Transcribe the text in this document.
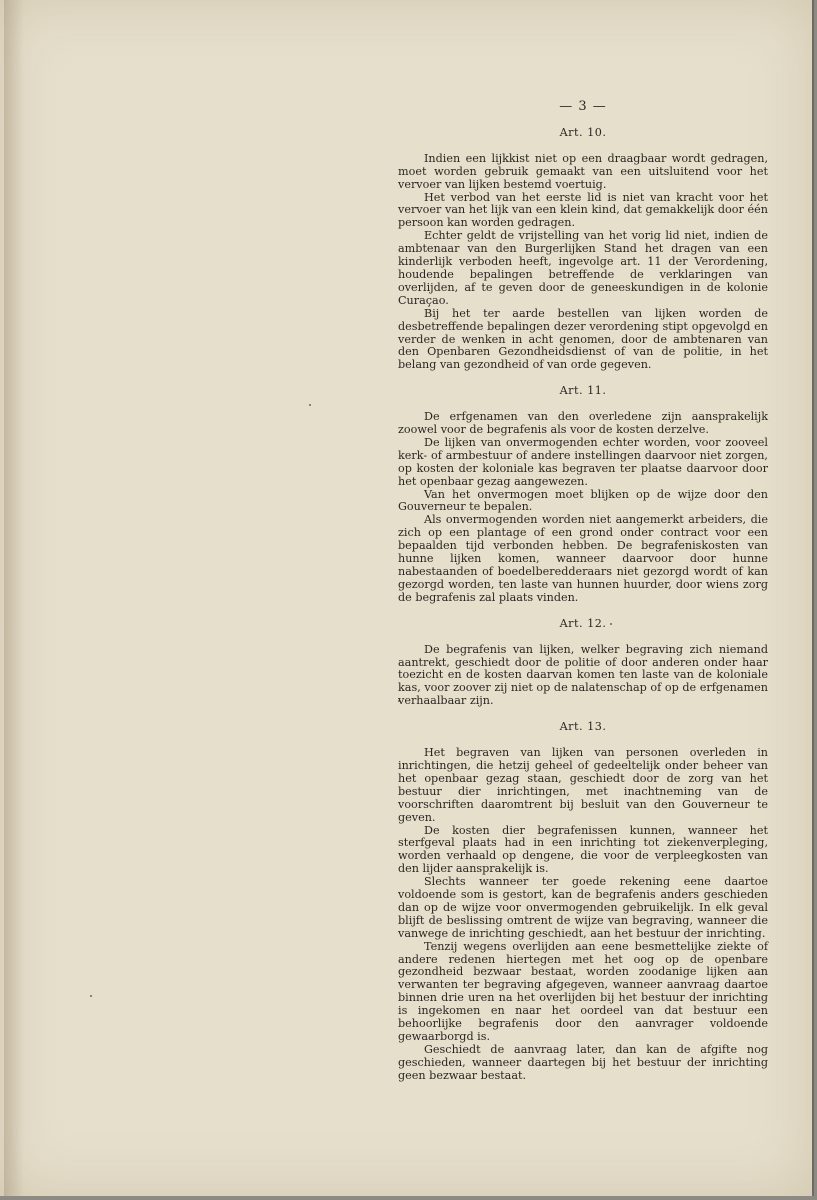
— 3 —
Art. 10.

Indien een lijkkist niet op een draagbaar wordt gedragen, moet worden gebruik gemaakt van een uitsluitend voor het vervoer van lijken bestemd voertuig.

Het verbod van het eerste lid is niet van kracht voor het vervoer van het lijk van een klein kind, dat gemakkelijk door één persoon kan worden gedragen.

Echter geldt de vrijstelling van het vorig lid niet, indien de ambtenaar van den Burgerlijken Stand het dragen van een kinderlijk verboden heeft, ingevolge art. 11 der Verordening, houdende bepalingen betreffende de verklaringen van overlijden, af te geven door de geneeskundigen in de kolonie Curaçao.

Bij het ter aarde bestellen van lijken worden de desbetreffende bepalingen dezer verordening stipt opgevolgd en verder de wenken in acht genomen, door de ambtenaren van den Openbaren Gezondheidsdienst of van de politie, in het belang van gezondheid of van orde gegeven.

Art. 11.

De erfgenamen van den overledene zijn aansprakelijk zoowel voor de begrafenis als voor de kosten derzelve.

De lijken van onvermogenden echter worden, voor zooveel kerk- of armbestuur of andere instellingen daarvoor niet zorgen, op kosten der koloniale kas begraven ter plaatse daarvoor door het openbaar gezag aangewezen.

Van het onvermogen moet blijken op de wijze door den Gouverneur te bepalen.

Als onvermogenden worden niet aangemerkt arbeiders, die zich op een plantage of een grond onder contract voor een bepaalden tijd verbonden hebben. De begrafeniskosten van hunne lijken komen, wanneer daarvoor door hunne nabestaanden of boedelberedderaars niet gezorgd wordt of kan gezorgd worden, ten laste van hunnen huurder, door wiens zorg de begrafenis zal plaats vinden.

Art. 12.

De begrafenis van lijken, welker begraving zich niemand aantrekt, geschiedt door de politie of door anderen onder haar toezicht en de kosten daarvan komen ten laste van de koloniale kas, voor zoover zij niet op de nalatenschap of op de erfgenamen verhaalbaar zijn.

Art. 13.

Het begraven van lijken van personen overleden in inrichtingen, die hetzij geheel of gedeeltelijk onder beheer van het openbaar gezag staan, geschiedt door de zorg van het bestuur dier inrichtingen, met inachtneming van de voorschriften daaromtrent bij besluit van den Gouverneur te geven.

De kosten dier begrafenissen kunnen, wanneer het sterfgeval plaats had in een inrichting tot ziekenverpleging, worden verhaald op dengene, die voor de verpleegkosten van den lijder aansprakelijk is.

Slechts wanneer ter goede rekening eene daartoe voldoende som is gestort, kan de begrafenis anders geschieden dan op de wijze voor onvermogenden gebruikelijk. In elk geval blijft de beslissing omtrent de wijze van begraving, wanneer die vanwege de inrichting geschiedt, aan het bestuur der inrichting.

Tenzij wegens overlijden aan eene besmettelijke ziekte of andere redenen hiertegen met het oog op de openbare gezondheid bezwaar bestaat, worden zoodanige lijken aan verwanten ter begraving afgegeven, wanneer aanvraag daartoe binnen drie uren na het overlijden bij het bestuur der inrichting is ingekomen en naar het oordeel van dat bestuur een behoorlijke begrafenis door den aanvrager voldoende gewaarborgd is.

Geschiedt de aanvraag later, dan kan de afgifte nog geschieden, wanneer daartegen bij het bestuur der inrichting geen bezwaar bestaat.
